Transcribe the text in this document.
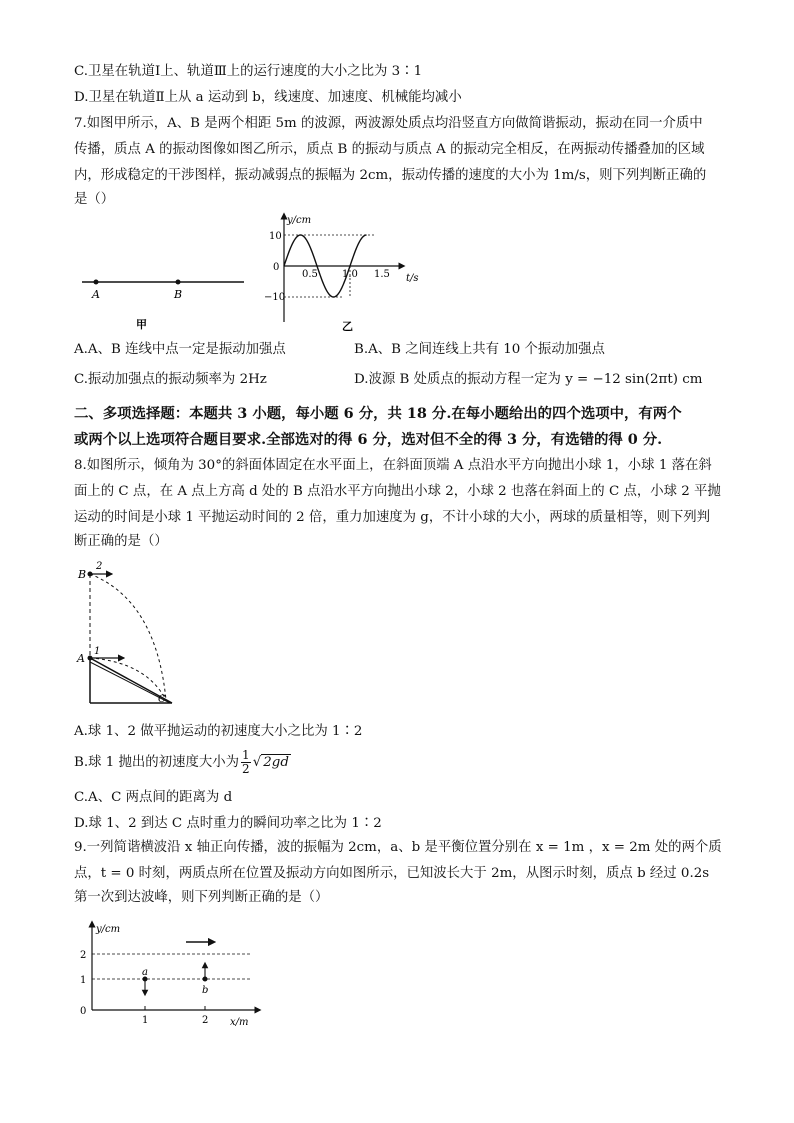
C.卫星在轨道Ⅰ上、轨道Ⅲ上的运行速度的大小之比为 3∶1
D.卫星在轨道Ⅱ上从 a 运动到 b，线速度、加速度、机械能均减小
7.如图甲所示，A、B 是两个相距 5m 的波源，两波源处质点均沿竖直方向做简谐振动，振动在同一介质中
传播，质点 A 的振动图像如图乙所示，质点 B 的振动与质点 A 的振动完全相反，在两振动传播叠加的区域
内，形成稳定的干涉图样，振动减弱点的振幅为 2cm，振动传播的速度的大小为 1m/s，则下列判断正确的
是（）
A	B
甲
y/cm
t/s
10
0
−10
0.5 1.0 1.5
乙
A.A、B 连线中点一定是振动加强点	B.A、B 之间连线上共有 10 个振动加强点
C.振动加强点的振动频率为 2Hz	D.波源 B 处质点的振动方程一定为 y = −12 sin(2πt) cm
二、多项选择题：本题共 3 小题，每小题 6 分，共 18 分.在每小题给出的四个选项中，有两个
或两个以上选项符合题目要求.全部选对的得 6 分，选对但不全的得 3 分，有选错的得 0 分.
8.如图所示，倾角为 30°的斜面体固定在水平面上，在斜面顶端 A 点沿水平方向抛出小球 1，小球 1 落在斜
面上的 C 点，在 A 点上方高 d 处的 B 点沿水平方向抛出小球 2，小球 2 也落在斜面上的 C 点，小球 2 平抛
运动的时间是小球 1 平抛运动时间的 2 倍，重力加速度为 g，不计小球的大小，两球的质量相等，则下列判
断正确的是（）
B
2
A
1
C
A.球 1、2 做平抛运动的初速度大小之比为 1∶2
B.球 1 抛出的初速度大小为 $\frac{1}{2}$ √ 2gd
C.A、C 两点间的距离为 d
D.球 1、2 到达 C 点时重力的瞬间功率之比为 1∶2
9.一列简谐横波沿 x 轴正向传播，波的振幅为 2cm，a、b 是平衡位置分别在 x = 1m ，x = 2m 处的两个质
点，t = 0 时刻，两质点所在位置及振动方向如图所示，已知波长大于 2m，从图示时刻，质点 b 经过 0.2s
第一次到达波峰，则下列判断正确的是（）
y/cm
x/m
2
1
0
1	2
a
b
